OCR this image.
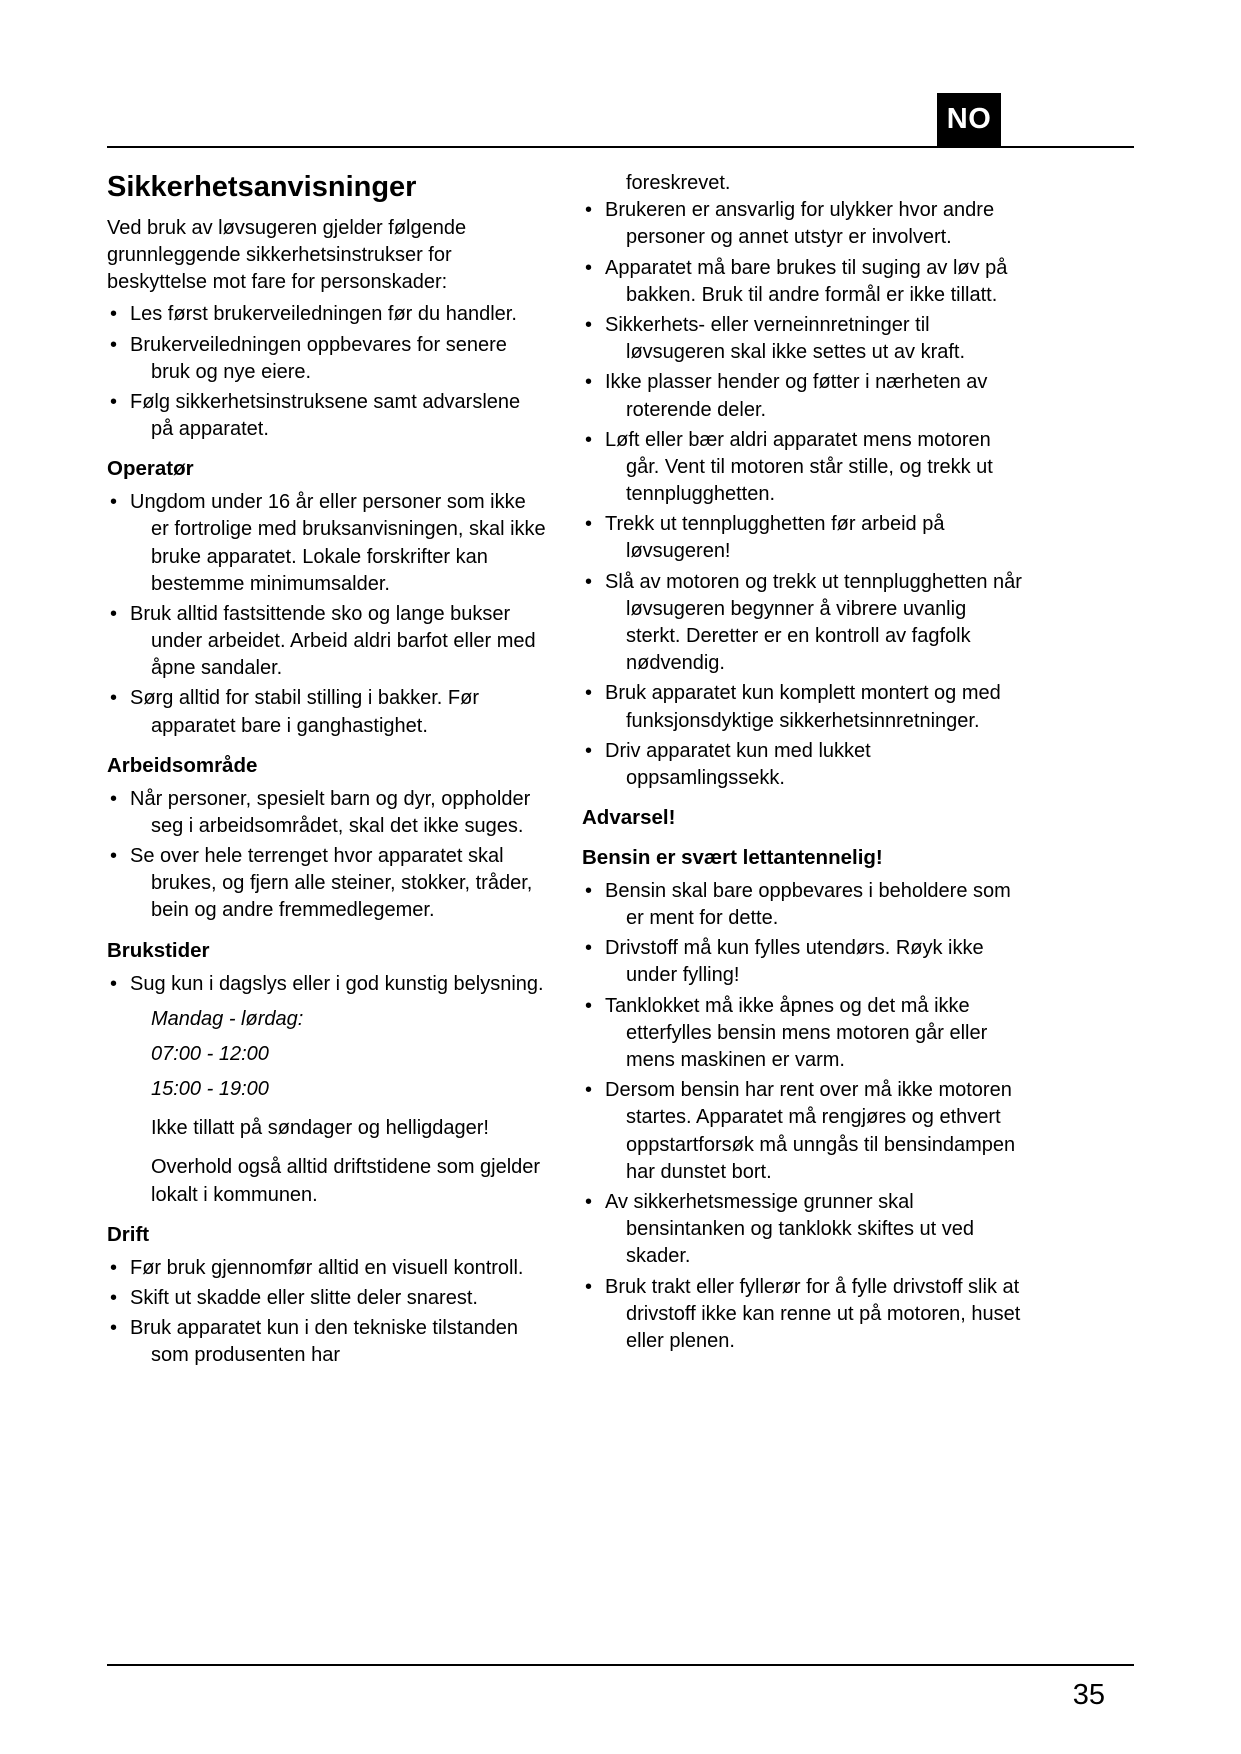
NO
Sikkerhetsanvisninger
Ved bruk av løvsugeren gjelder følgende grunnleggende sikkerhetsinstrukser for beskyttelse mot fare for personskader:
• Les først brukerveiledningen før du handler.
• Brukerveiledningen oppbevares for senere bruk og nye eiere.
• Følg sikkerhetsinstruksene samt advarslene på apparatet.
Operatør
• Ungdom under 16 år eller personer som ikke er fortrolige med bruksanvisningen, skal ikke bruke apparatet. Lokale forskrifter kan bestemme minimumsalder.
• Bruk alltid fastsittende sko og lange bukser under arbeidet. Arbeid aldri barfot eller med åpne sandaler.
• Sørg alltid for stabil stilling i bakker. Før apparatet bare i ganghastighet.
Arbeidsområde
• Når personer, spesielt barn og dyr, oppholder seg i arbeidsområdet, skal det ikke suges.
• Se over hele terrenget hvor apparatet skal brukes, og fjern alle steiner, stokker, tråder, bein og andre fremmedlegemer.
Brukstider
• Sug kun i dagslys eller i god kunstig belysning.
Mandag - lørdag:
07:00 - 12:00
15:00 - 19:00
Ikke tillatt på søndager og helligdager!
Overhold også alltid driftstidene som gjelder lokalt i kommunen.
Drift
• Før bruk gjennomfør alltid en visuell kontroll.
• Skift ut skadde eller slitte deler snarest.
• Bruk apparatet kun i den tekniske tilstanden som produsenten har
foreskrevet.
• Brukeren er ansvarlig for ulykker hvor andre personer og annet utstyr er involvert.
• Apparatet må bare brukes til suging av løv på bakken. Bruk til andre formål er ikke tillatt.
• Sikkerhets- eller verneinnretninger til løvsugeren skal ikke settes ut av kraft.
• Ikke plasser hender og føtter i nærheten av roterende deler.
• Løft eller bær aldri apparatet mens motoren går. Vent til motoren står stille, og trekk ut tennplugghetten.
• Trekk ut tennplugghetten før arbeid på løvsugeren!
• Slå av motoren og trekk ut tennplugghetten når løvsugeren begynner å vibrere uvanlig sterkt. Deretter er en kontroll av fagfolk nødvendig.
• Bruk apparatet kun komplett montert og med funksjonsdyktige sikkerhetsinnretninger.
• Driv apparatet kun med lukket oppsamlingssekk.
Advarsel!
Bensin er svært lettantennelig!
• Bensin skal bare oppbevares i beholdere som er ment for dette.
• Drivstoff må kun fylles utendørs. Røyk ikke under fylling!
• Tanklokket må ikke åpnes og det må ikke etterfylles bensin mens motoren går eller mens maskinen er varm.
• Dersom bensin har rent over må ikke motoren startes. Apparatet må rengjøres og ethvert oppstartforsøk må unngås til bensindampen har dunstet bort.
• Av sikkerhetsmessige grunner skal bensintanken og tanklokk skiftes ut ved skader.
• Bruk trakt eller fyllerør for å fylle drivstoff slik at drivstoff ikke kan renne ut på motoren, huset eller plenen.
35
